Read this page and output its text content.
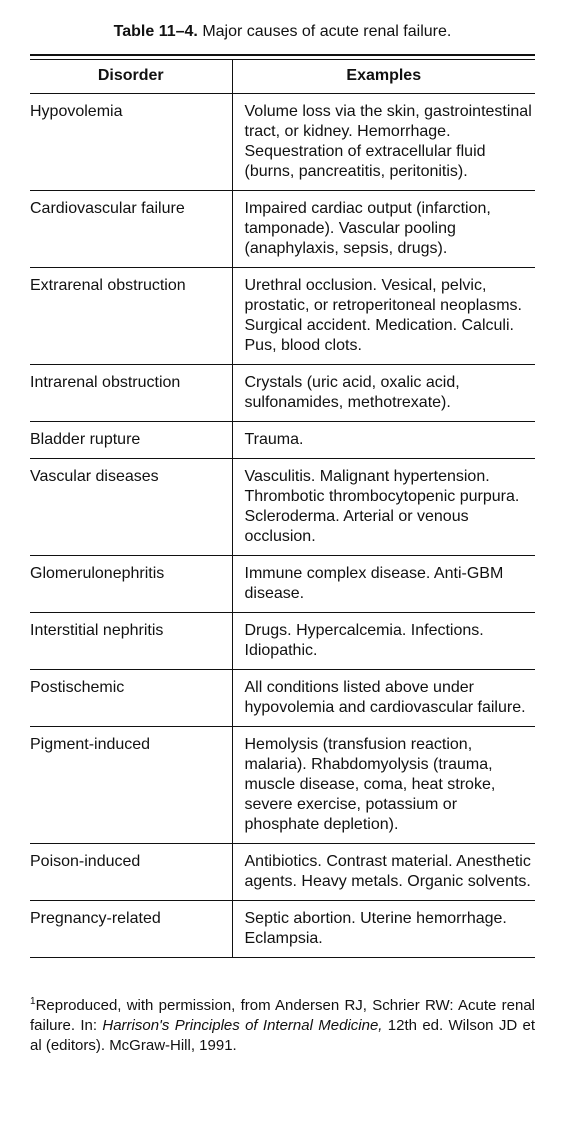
Table 11–4. Major causes of acute renal failure.
Disorder	Examples
Hypovolemia	Volume loss via the skin, gastrointestinal tract, or kidney. Hemorrhage. Sequestration of extracellular fluid (burns, pancreatitis, peritonitis).
Cardiovascular failure	Impaired cardiac output (infarction, tamponade). Vascular pooling (anaphylaxis, sepsis, drugs).
Extrarenal obstruction	Urethral occlusion. Vesical, pelvic, prostatic, or retroperitoneal neoplasms. Surgical accident. Medication. Calculi. Pus, blood clots.
Intrarenal obstruction	Crystals (uric acid, oxalic acid, sulfonamides, methotrexate).
Bladder rupture	Trauma.
Vascular diseases	Vasculitis. Malignant hypertension. Thrombotic thrombocytopenic purpura. Scleroderma. Arterial or venous occlusion.
Glomerulonephritis	Immune complex disease. Anti-GBM disease.
Interstitial nephritis	Drugs. Hypercalcemia. Infections. Idiopathic.
Postischemic	All conditions listed above under hypovolemia and cardiovascular failure.
Pigment-induced	Hemolysis (transfusion reaction, malaria). Rhabdomyolysis (trauma, muscle disease, coma, heat stroke, severe exercise, potassium or phosphate depletion).
Poison-induced	Antibiotics. Contrast material. Anesthetic agents. Heavy metals. Organic solvents.
Pregnancy-related	Septic abortion. Uterine hemorrhage. Eclampsia.
$^1$Reproduced, with permission, from Andersen RJ, Schrier RW: Acute renal failure. In: Harrison's Principles of Internal Medicine, 12th ed. Wilson JD et al (editors). McGraw-Hill, 1991.
